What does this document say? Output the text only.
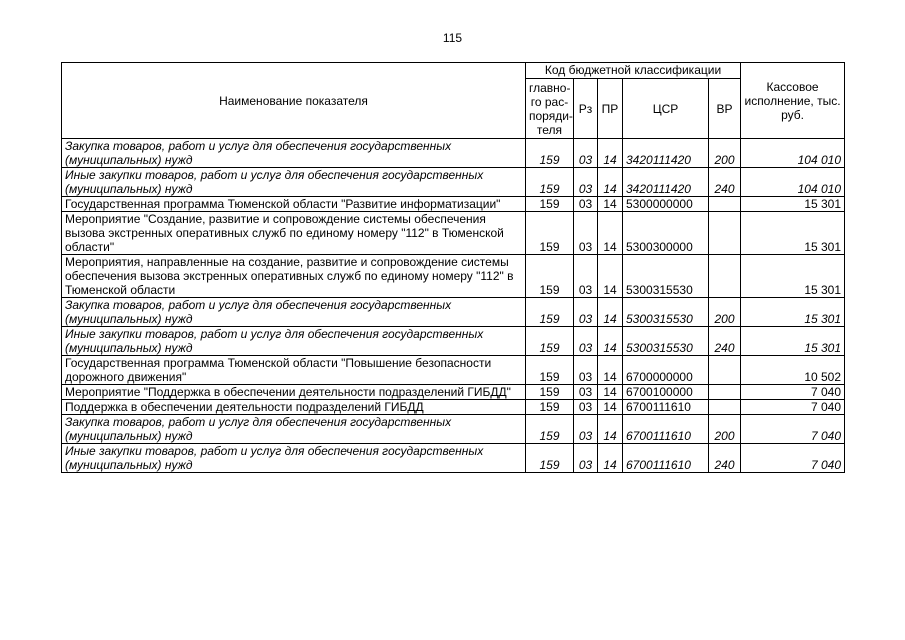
115
Наименование показателя	Код бюджетной классификации					Кассовое исполнение, тыс. руб.
	главно-го рас-поряди-теля	Рз	ПР	ЦСР	ВР	
Закупка товаров, работ и услуг для обеспечения государственных (муниципальных) нужд	159	03	14	3420111420	200	104 010
Иные закупки товаров, работ и услуг для обеспечения государственных (муниципальных) нужд	159	03	14	3420111420	240	104 010
Государственная программа Тюменской области "Развитие информатизации"	159	03	14	5300000000		15 301
Мероприятие "Создание, развитие и сопровождение системы обеспечения вызова экстренных оперативных служб по единому номеру "112" в Тюменской области"	159	03	14	5300300000		15 301
Мероприятия, направленные на создание, развитие и сопровождение системы обеспечения вызова экстренных оперативных служб по единому номеру "112" в Тюменской области	159	03	14	5300315530		15 301
Закупка товаров, работ и услуг для обеспечения государственных (муниципальных) нужд	159	03	14	5300315530	200	15 301
Иные закупки товаров, работ и услуг для обеспечения государственных (муниципальных) нужд	159	03	14	5300315530	240	15 301
Государственная программа Тюменской области "Повышение безопасности дорожного движения"	159	03	14	6700000000		10 502
Мероприятие "Поддержка в обеспечении деятельности подразделений ГИБДД"	159	03	14	6700100000		7 040
Поддержка в обеспечении деятельности подразделений ГИБДД	159	03	14	6700111610		7 040
Закупка товаров, работ и услуг для обеспечения государственных (муниципальных) нужд	159	03	14	6700111610	200	7 040
Иные закупки товаров, работ и услуг для обеспечения государственных (муниципальных) нужд	159	03	14	6700111610	240	7 040
